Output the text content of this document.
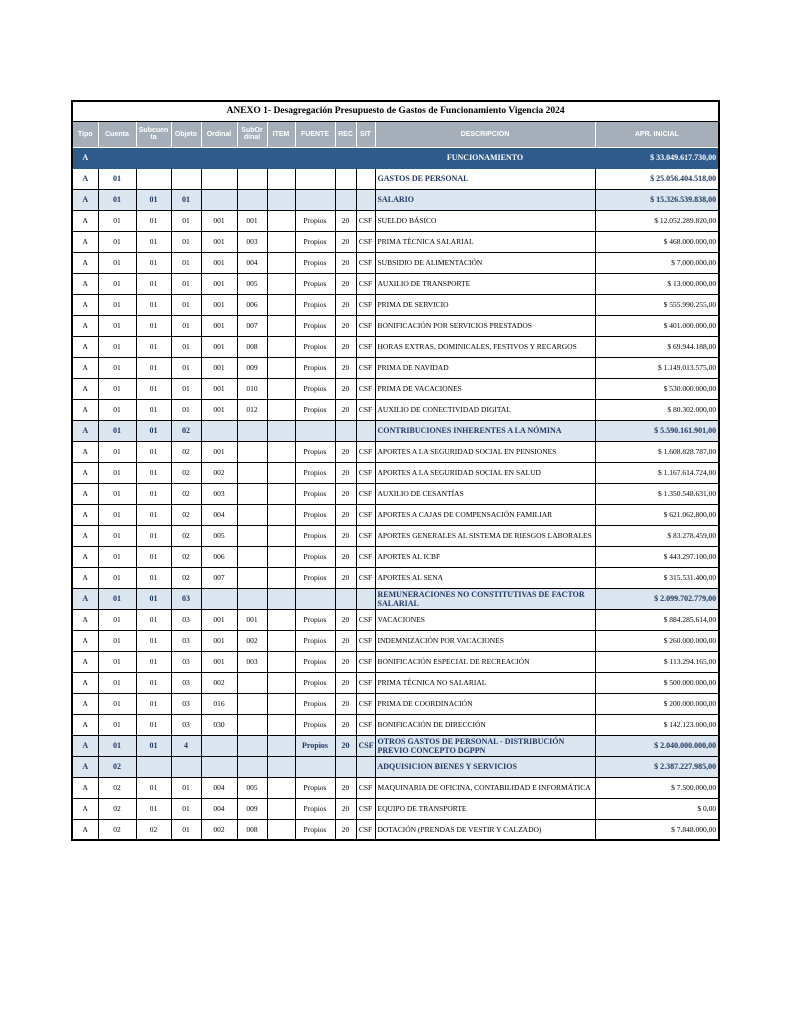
ANEXO 1- Desagregación Presupuesto de Gastos de Funcionamiento Vigencia 2024											
Tipo	Cuenta	Subcuenta	Objeto	Ordinal	SubOrdinal	ITEM	FUENTE	REC	SIT	DESCRIPCION	APR. INICIAL
A										FUNCIONAMIENTO	$ 33.049.617.730,00
A	01									GASTOS DE PERSONAL	$ 25.056.404.518,00
A	01	01	01							SALARIO	$ 15.326.539.838,00
A	01	01	01	001	001		Propios	20	CSF	SUELDO BÁSICO	$ 12.052.289.820,00
A	01	01	01	001	003		Propios	20	CSF	PRIMA TÉCNICA SALARIAL	$ 468.000.000,00
A	01	01	01	001	004		Propios	20	CSF	SUBSIDIO DE ALIMENTACIÓN	$ 7.000.000,00
A	01	01	01	001	005		Propios	20	CSF	AUXILIO DE TRANSPORTE	$ 13.000.000,00
A	01	01	01	001	006		Propios	20	CSF	PRIMA DE SERVICIO	$ 555.990.255,00
A	01	01	01	001	007		Propios	20	CSF	BONIFICACIÓN POR SERVICIOS PRESTADOS	$ 401.000.000,00
A	01	01	01	001	008		Propios	20	CSF	HORAS EXTRAS, DOMINICALES, FESTIVOS Y RECARGOS	$ 69.944.188,00
A	01	01	01	001	009		Propios	20	CSF	PRIMA DE NAVIDAD	$ 1.149.013.575,00
A	01	01	01	001	010		Propios	20	CSF	PRIMA DE VACACIONES	$ 530.000.000,00
A	01	01	01	001	012		Propios	20	CSF	AUXILIO DE CONECTIVIDAD DIGITAL	$ 80.302.000,00
A	01	01	02							CONTRIBUCIONES INHERENTES A LA NÓMINA	$ 5.590.161.901,00
A	01	01	02	001			Propios	20	CSF	APORTES A LA SEGURIDAD SOCIAL EN PENSIONES	$ 1.608.828.787,00
A	01	01	02	002			Propios	20	CSF	APORTES A LA SEGURIDAD SOCIAL EN SALUD	$ 1.167.614.724,00
A	01	01	02	003			Propios	20	CSF	AUXILIO DE CESANTÍAS	$ 1.350.548.631,00
A	01	01	02	004			Propios	20	CSF	APORTES A CAJAS DE COMPENSACIÓN FAMILIAR	$ 621.062.800,00
A	01	01	02	005			Propios	20	CSF	APORTES GENERALES AL SISTEMA DE RIESGOS LABORALES	$ 83.278.459,00
A	01	01	02	006			Propios	20	CSF	APORTES AL ICBF	$ 443.297.100,00
A	01	01	02	007			Propios	20	CSF	APORTES AL SENA	$ 315.531.400,00
A	01	01	03							REMUNERACIONES NO CONSTITUTIVAS DE FACTOR SALARIAL	$ 2.099.702.779,00
A	01	01	03	001	001		Propios	20	CSF	VACACIONES	$ 884.285.614,00
A	01	01	03	001	002		Propios	20	CSF	INDEMNIZACIÓN POR VACACIONES	$ 260.000.000,00
A	01	01	03	001	003		Propios	20	CSF	BONIFICACIÓN ESPECIAL DE RECREACIÓN	$ 113.294.165,00
A	01	01	03	002			Propios	20	CSF	PRIMA TÉCNICA NO SALARIAL	$ 500.000.000,00
A	01	01	03	016			Propios	20	CSF	PRIMA DE COORDINACIÓN	$ 200.000.000,00
A	01	01	03	030			Propios	20	CSF	BONIFICACIÓN DE DIRECCIÓN	$ 142.123.000,00
A	01	01	4				Propios	20	CSF	OTROS GASTOS DE PERSONAL - DISTRIBUCIÓN PREVIO CONCEPTO DGPPN	$ 2.040.000.000,00
A	02									ADQUISICION BIENES Y SERVICIOS	$ 2.387.227.985,00
A	02	01	01	004	005		Propios	20	CSF	MAQUINARIA DE OFICINA, CONTABILIDAD E INFORMÁTICA	$ 7.500.000,00
A	02	01	01	004	009		Propios	20	CSF	EQUIPO DE TRANSPORTE	$ 0,00
A	02	02	01	002	008		Propios	20	CSF	DOTACIÓN (PRENDAS DE VESTIR Y CALZADO)	$ 7.848.000,00
